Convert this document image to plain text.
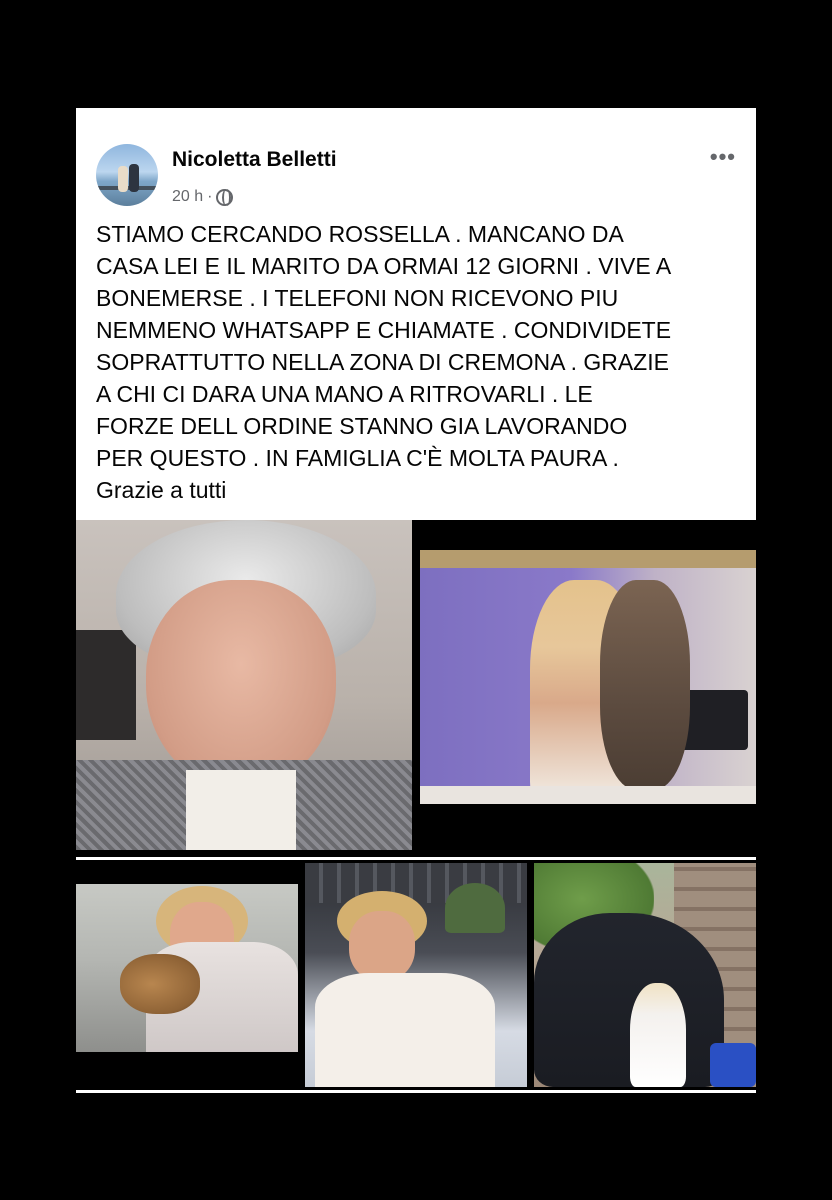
Nicoletta Belletti
20 h ·
•••
STIAMO CERCANDO ROSSELLA . MANCANO DA
CASA LEI E IL MARITO DA ORMAI 12 GIORNI . VIVE A
BONEMERSE . I TELEFONI NON RICEVONO PIU
NEMMENO WHATSAPP E CHIAMATE . CONDIVIDETE
SOPRATTUTTO NELLA ZONA DI CREMONA . GRAZIE
A CHI CI DARA UNA MANO A RITROVARLI . LE
FORZE DELL ORDINE STANNO GIA LAVORANDO
PER QUESTO . IN FAMIGLIA C'È MOLTA PAURA .
Grazie a tutti
